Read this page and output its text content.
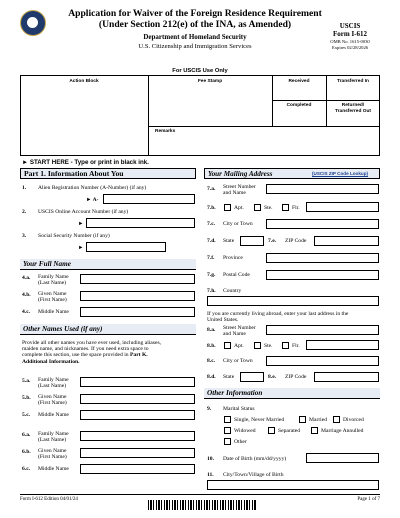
Application for Waiver of the Foreign Residence Requirement
(Under Section 212(e) of the INA, as Amended)
Department of Homeland Security
U.S. Citizenship and Immigration Services
USCIS
Form I-612
OMB No. 1615-0030
Expires 02/28/2026
For USCIS Use Only
Action Block	Fee Stamp	Received	Transferred In
Completed	Returned/
Transferred Out
Remarks
► START HERE - Type or print in black ink.
Part 1. Information About You
1. Alien Registration Number (A-Number) (if any)
► A-
2. USCIS Online Account Number (if any)
►
3. Social Security Number (if any)
►
Your Full Name
4.a. Family Name
(Last Name)
4.b. Given Name
(First Name)
4.c. Middle Name
Other Names Used (if any)
Provide all other names you have ever used, including aliases,
maiden name, and nicknames. If you need extra space to
complete this section, use the space provided in Part K.
Additional Information.
5.a. Family Name
(Last Name)
5.b. Given Name
(First Name)
5.c. Middle Name
6.a. Family Name
(Last Name)
6.b. Given Name
(First Name)
6.c. Middle Name
Your Mailing Address	(USCIS ZIP Code Lookup)
7.a. Street Number
and Name
7.b.	Apt.	Ste.	Flr.
7.c. City or Town
7.d. State	7.e. ZIP Code
7.f. Province
7.g. Postal Code
7.h. Country
If you are currently living abroad, enter your last address in the
United States.
8.a. Street Number
and Name
8.b.	Apt.	Ste.	Flr.
8.c. City or Town
8.d. State	8.e. ZIP Code
Other Information
9. Marital Status
Single, Never Married	Married	Divorced
Widowed	Separated	Marriage Annulled
Other
10. Date of Birth (mm/dd/yyyy)
11. City/Town/Village of Birth
Form I-612 Edition 04/01/24	Page 1 of 7
